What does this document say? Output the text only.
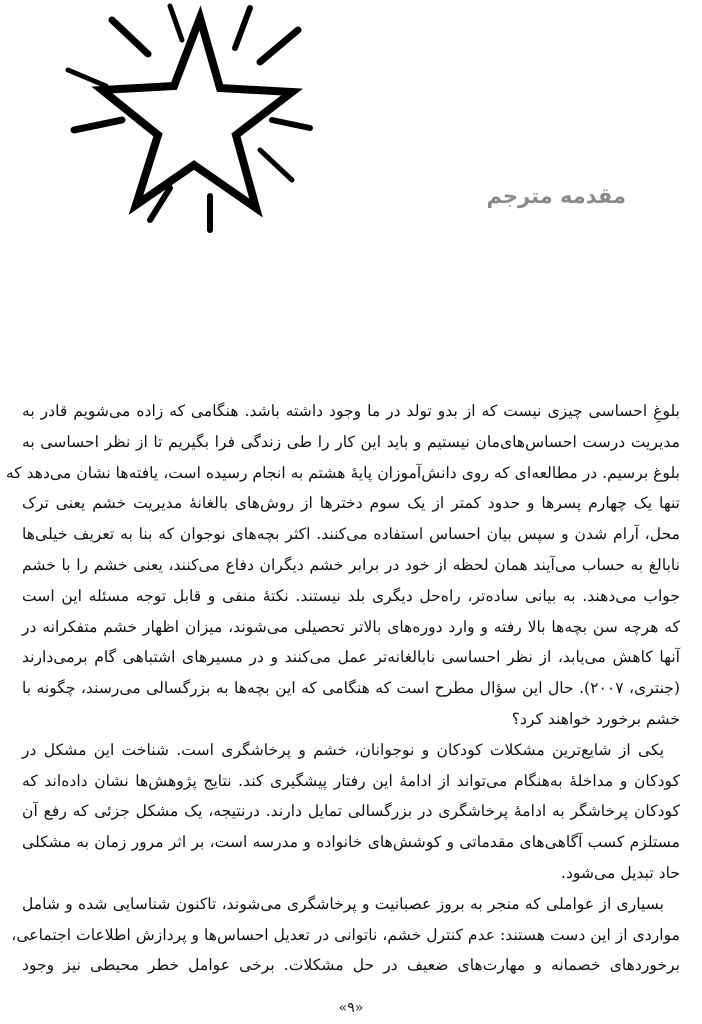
مقدمه مترجم
بلوغِ احساسی چیزی نیست که از بدو تولد در ما وجود داشته باشد. هنگامی که زاده می‌شویم قادر به
مدیریت درست احساس‌های‌مان نیستیم و باید این کار را طی زندگی فرا بگیریم تا از نظر احساسی به
بلوغ برسیم. در مطالعه‌ای که روی دانش‌آموزان پایهٔ هشتم به انجام رسیده است، یافته‌ها نشان می‌دهد که
تنها یک چهارم پسرها و حدود کمتر از یک سوم دخترها از روش‌های بالغانهٔ مدیریت خشم یعنی ترک
محل، آرام شدن و سپس بیان احساس استفاده می‌کنند. اکثر بچه‌های نوجوان که بنا به تعریف خیلی‌ها
نابالغ به حساب می‌آیند همان لحظه از خود در برابر خشم دیگران دفاع می‌کنند، یعنی خشم را با خشم
جواب می‌دهند. به بیانی ساده‌تر، راه‌حل دیگری بلد نیستند. نکتهٔ منفی و قابل توجه مسئله این است
که هرچه سن بچه‌ها بالا رفته و وارد دوره‌های بالاتر تحصیلی می‌شوند، میزان اظهار خشم متفکرانه در
آنها کاهش می‌یابد، از نظر احساسی نابالغانه‌تر عمل می‌کنند و در مسیرهای اشتباهی گام برمی‌دارند
(جنتری، ۲۰۰۷). حال این سؤال مطرح است که هنگامی که این بچه‌ها به بزرگسالی می‌رسند، چگونه با
خشم برخورد خواهند کرد؟
یکی از شایع‌ترین مشکلات کودکان و نوجوانان، خشم و پرخاشگری است. شناخت این مشکل در
کودکان و مداخلهٔ به‌هنگام می‌تواند از ادامهٔ این رفتار پیشگیری کند. نتایج پژوهش‌ها نشان داده‌اند که
کودکان پرخاشگر به ادامهٔ پرخاشگری در بزرگسالی تمایل دارند. درنتیجه، یک مشکل جزئی که رفع آن
مستلزم کسب آگاهی‌های مقدماتی و کوشش‌های خانواده و مدرسه است، بر اثر مرور زمان به مشکلی
حاد تبدیل می‌شود.
بسیاری از عواملی که منجر به بروز عصبانیت و پرخاشگری می‌شوند، تاکنون شناسایی شده و شامل
مواردی از این دست هستند: عدم کنترل خشم، ناتوانی در تعدیل احساس‌ها و پردازش اطلاعات اجتماعی،
برخوردهای خصمانه و مهارت‌های ضعیف در حل مشکلات. برخی عوامل خطر محیطی نیز وجود
«۹»
